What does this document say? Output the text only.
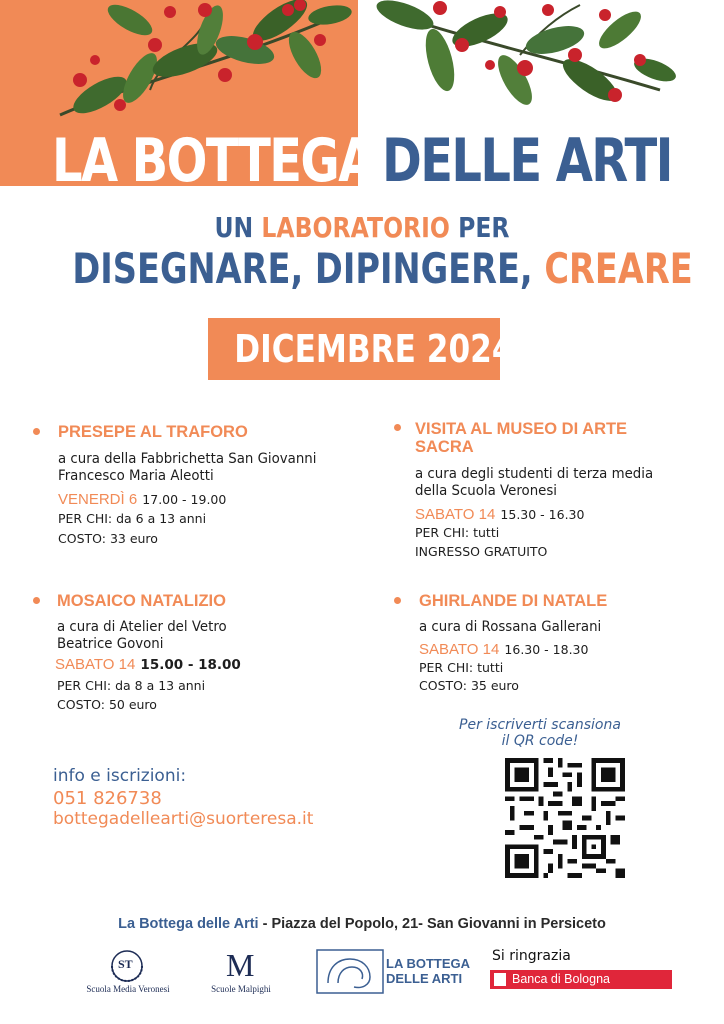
LA BOTTEGA DELLE ARTI
UN LABORATORIO PER
DISEGNARE, DIPINGERE, CREARE
DICEMBRE 2024
PRESEPE AL TRAFORO
a cura della Fabbrichetta San Giovanni
Francesco Maria Aleotti
VENERDÌ 6 17.00 - 19.00
PER CHI: da 6 a 13 anni
COSTO: 33 euro
VISITA AL MUSEO DI ARTE SACRA
a cura degli studenti di terza media
della Scuola Veronesi
SABATO 14 15.30 - 16.30
PER CHI: tutti
INGRESSO GRATUITO
MOSAICO NATALIZIO
a cura di Atelier del Vetro
Beatrice Govoni
SABATO 14 15.00 - 18.00
PER CHI: da 8 a 13 anni
COSTO: 50 euro
GHIRLANDE DI NATALE
a cura di Rossana Gallerani
SABATO 14 16.30 - 18.30
PER CHI: tutti
COSTO: 35 euro
Per iscriverti scansiona
il QR code!
info e iscrizioni:
051 826738
bottegadellearti@suorteresa.it
La Bottega delle Arti - Piazza del Popolo, 21- San Giovanni in Persiceto
ST
Scuola Media Veronesi
M
Scuole Malpighi
LA BOTTEGA
DELLE ARTI
Si ringrazia
Banca di Bologna
